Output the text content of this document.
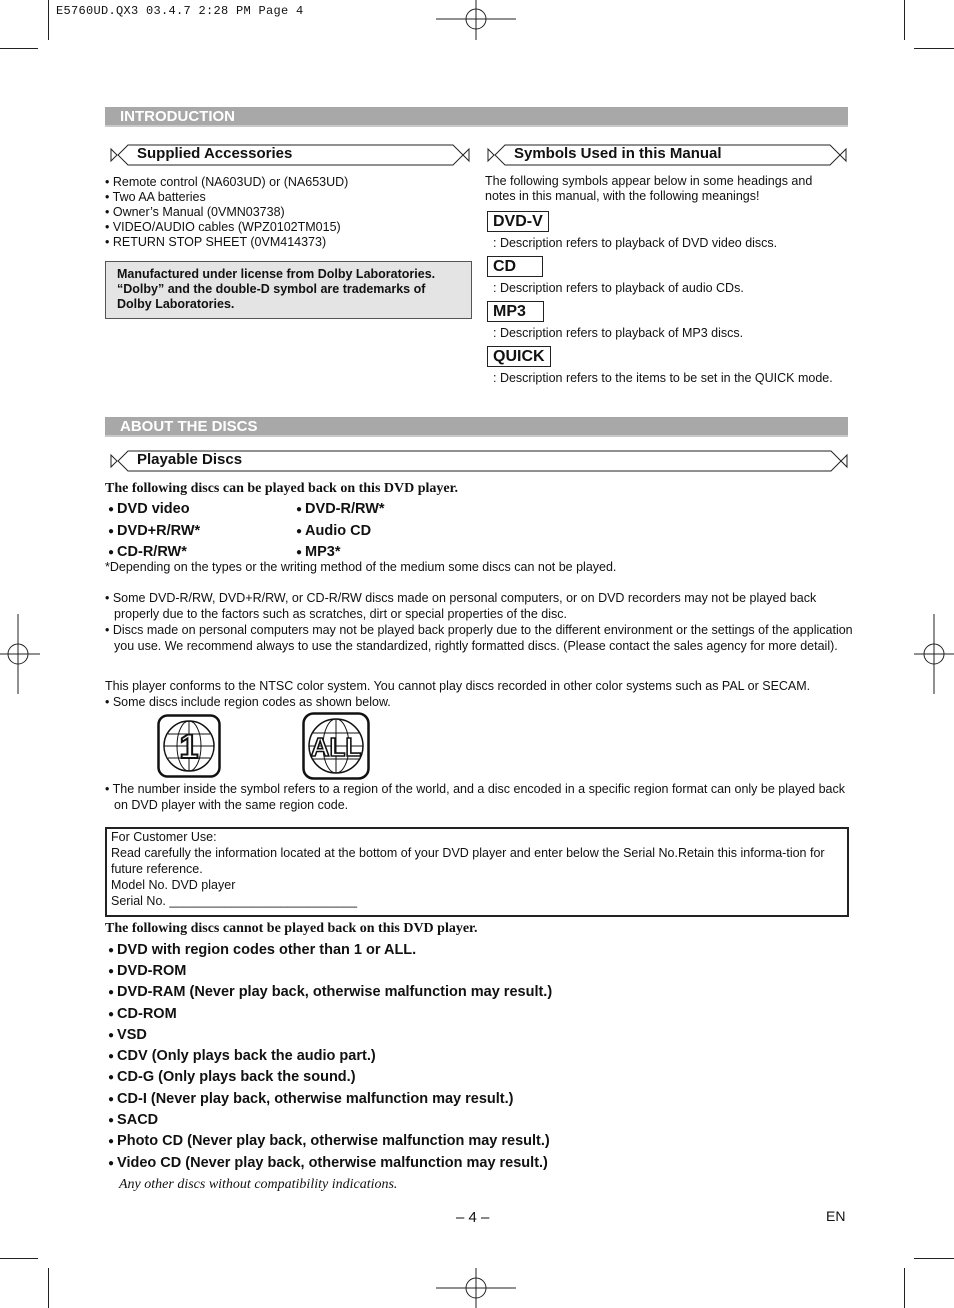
E5760UD.QX3 03.4.7 2:28 PM Page 4
INTRODUCTION
Supplied Accessories
• Remote control (NA603UD) or (NA653UD)
• Two AA batteries
• Owner’s Manual (0VMN03738)
• VIDEO/AUDIO cables (WPZ0102TM015)
• RETURN STOP SHEET (0VM414373)
Manufactured under license from Dolby Laboratories. “Dolby” and the double-D symbol are trademarks of Dolby Laboratories.
Symbols Used in this Manual
The following symbols appear below in some headings and notes in this manual, with the following meanings!
DVD-V
: Description refers to playback of DVD video discs.
CD
: Description refers to playback of audio CDs.
MP3
: Description refers to playback of MP3 discs.
QUICK
: Description refers to the items to be set in the QUICK mode.
ABOUT THE DISCS
Playable Discs
The following discs can be played back on this DVD player.
● DVD video
● DVD+R/RW*
● CD-R/RW*
● DVD-R/RW*
● Audio CD
● MP3*
*Depending on the types or the writing method of the medium some discs can not be played.
• Some DVD-R/RW, DVD+R/RW, or CD-R/RW discs made on personal computers, or on DVD recorders may not be played back properly due to the factors such as scratches, dirt or special properties of the disc.
• Discs made on personal computers may not be played back properly due to the different environment or the settings of the application you use. We recommend always to use the standardized, rightly formatted discs. (Please contact the sales agency for more detail).
This player conforms to the NTSC color system. You cannot play discs recorded in other color systems such as PAL or SECAM.
• Some discs include region codes as shown below.
1	ALL
• The number inside the symbol refers to a region of the world, and a disc encoded in a specific region format can only be played back on DVD player with the same region code.
For Customer Use:
Read carefully the information located at the bottom of your DVD player and enter below the Serial No.Retain this informa-tion for future reference.
Model No. DVD player
Serial No. ___________________________
The following discs cannot be played back on this DVD player.
● DVD with region codes other than 1 or ALL.
● DVD-ROM
● DVD-RAM (Never play back, otherwise malfunction may result.)
● CD-ROM
● VSD
● CDV (Only plays back the audio part.)
● CD-G (Only plays back the sound.)
● CD-I (Never play back, otherwise malfunction may result.)
● SACD
● Photo CD (Never play back, otherwise malfunction may result.)
● Video CD (Never play back, otherwise malfunction may result.)
Any other discs without compatibility indications.
– 4 –	EN
